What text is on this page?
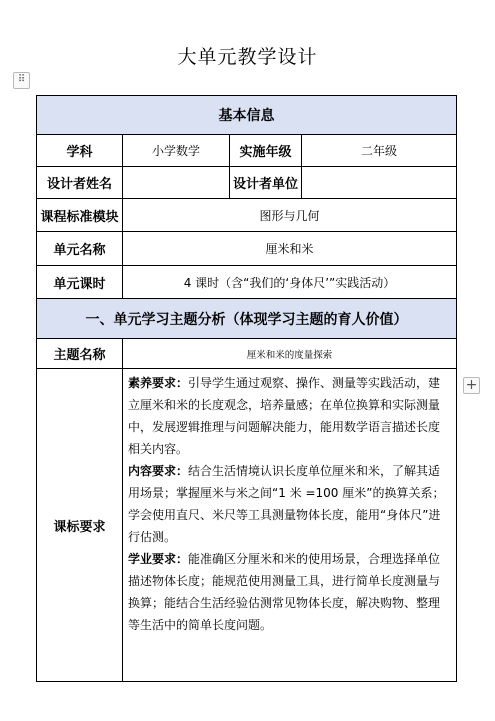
大单元教学设计
⠿
+
基本信息			
学科	小学数学	实施年级	二年级
设计者姓名		设计者单位	
课程标准模块	图形与几何		
单元名称	厘米和米		
单元课时	4 课时（含“我们的‘身体尺’”实践活动）		
一、单元学习主题分析（体现学习主题的育人价值）			
主题名称	厘米和米的度量探索		
课标要求	素养要求：引导学生通过观察、操作、测量等实践活动，建立厘米和米的长度观念，培养量感；在单位换算和实际测量中，发展逻辑推理与问题解决能力，能用数学语言描述长度相关内容。

内容要求：结合生活情境认识长度单位厘米和米，了解其适用场景；掌握厘米与米之间“1 米 =100 厘米”的换算关系；学会使用直尺、米尺等工具测量物体长度，能用“身体尺”进行估测。

学业要求：能准确区分厘米和米的使用场景，合理选择单位描述物体长度；能规范使用测量工具，进行简单长度测量与换算；能结合生活经验估测常见物体长度，解决购物、整理等生活中的简单长度问题。		
